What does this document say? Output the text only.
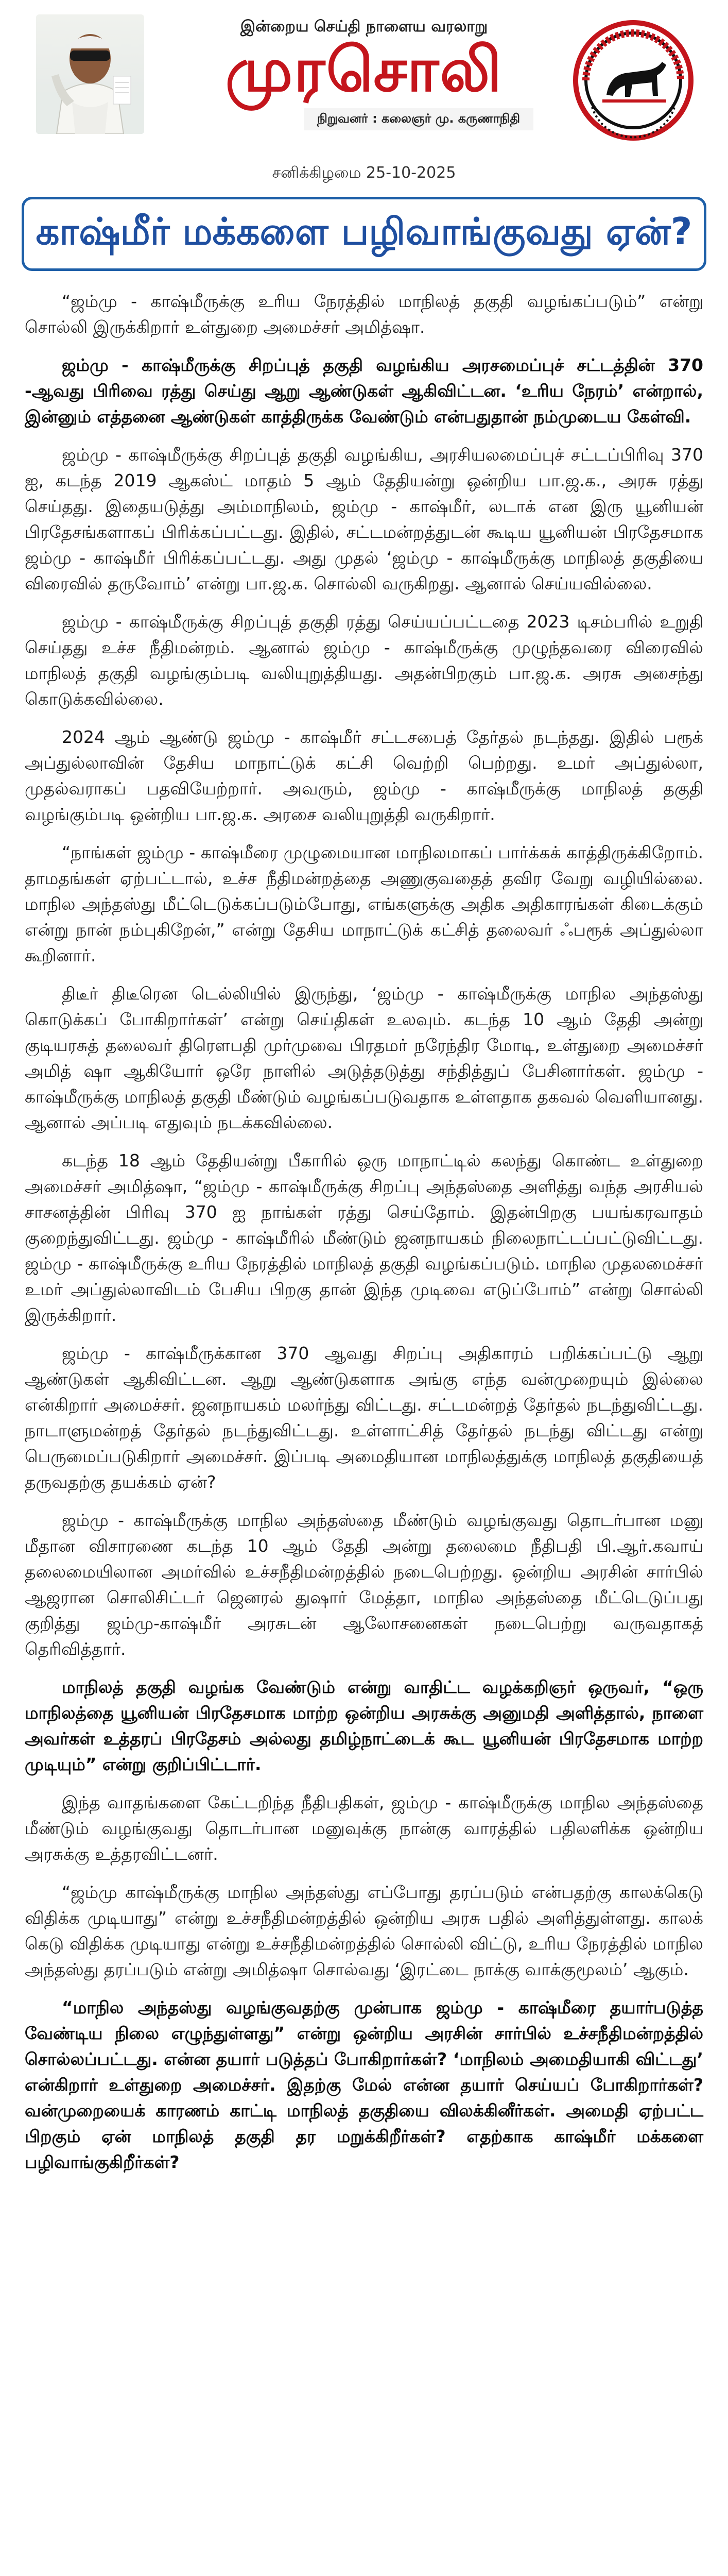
இன்றைய செய்தி நாளைய வரலாறு
முரசொலி
நிறுவனர் : கலைஞர் மு. கருணாநிதி
சனிக்கிழமை 25-10-2025
காஷ்மீர் மக்களை பழிவாங்குவது ஏன்?

“ஜம்மு - காஷ்மீருக்கு உரிய நேரத்தில் மாநிலத் தகுதி வழங்கப்படும்” என்று சொல்லி இருக்கிறார் உள்துறை அமைச்சர் அமித்ஷா.

ஜம்மு - காஷ்மீருக்கு சிறப்புத் தகுதி வழங்கிய அரசமைப்புச் சட்டத்தின் 370 -ஆவது பிரிவை ரத்து செய்து ஆறு ஆண்டுகள் ஆகிவிட்டன. ‘உரிய நேரம்’ என்றால், இன்னும் எத்தனை ஆண்டுகள் காத்திருக்க வேண்டும் என்பதுதான் நம்முடைய கேள்வி.

ஜம்மு - காஷ்மீருக்கு சிறப்புத் தகுதி வழங்கிய, அரசியலமைப்புச் சட்டப்பிரிவு 370 ஐ, கடந்த 2019 ஆகஸ்ட் மாதம் 5 ஆம் தேதியன்று ஒன்றிய பா.ஜ.க., அரசு ரத்து செய்தது. இதையடுத்து அம்மாநிலம், ஜம்மு - காஷ்மீர், லடாக் என இரு யூனியன் பிரதேசங்களாகப் பிரிக்கப்பட்டது. இதில், சட்டமன்றத்துடன் கூடிய யூனியன் பிரதேசமாக ஜம்மு - காஷ்மீர் பிரிக்கப்பட்டது. அது முதல் ‘ஜம்மு - காஷ்மீருக்கு மாநிலத் தகுதியை விரைவில் தருவோம்’ என்று பா.ஜ.க. சொல்லி வருகிறது. ஆனால் செய்யவில்லை.

ஜம்மு - காஷ்மீருக்கு சிறப்புத் தகுதி ரத்து செய்யப்பட்டதை 2023 டிசம்பரில் உறுதி செய்தது உச்ச நீதிமன்றம். ஆனால் ஜம்மு - காஷ்மீருக்கு முழுந்தவரை விரைவில் மாநிலத் தகுதி வழங்கும்படி வலியுறுத்தியது. அதன்பிறகும் பா.ஜ.க. அரசு அசைந்து கொடுக்கவில்லை.

2024 ஆம் ஆண்டு ஜம்மு - காஷ்மீர் சட்டசபைத் தேர்தல் நடந்தது. இதில் பரூக் அப்துல்லாவின் தேசிய மாநாட்டுக் கட்சி வெற்றி பெற்றது. உமர் அப்துல்லா, முதல்வராகப் பதவியேற்றார். அவரும், ஜம்மு - காஷ்மீருக்கு மாநிலத் தகுதி வழங்கும்படி ஒன்றிய பா.ஜ.க. அரசை வலியுறுத்தி வருகிறார்.

“நாங்கள் ஜம்மு - காஷ்மீரை முழுமையான மாநிலமாகப் பார்க்கக் காத்திருக்கிறோம். தாமதங்கள் ஏற்பட்டால், உச்ச நீதிமன்றத்தை அணுகுவதைத் தவிர வேறு வழியில்லை. மாநில அந்தஸ்து மீட்டெடுக்கப்படும்போது, எங்களுக்கு அதிக அதிகாரங்கள் கிடைக்கும் என்று நான் நம்புகிறேன்,” என்று தேசிய மாநாட்டுக் கட்சித் தலைவர் ஃபரூக் அப்துல்லா கூறினார்.

திடீர் திடீரென டெல்லியில் இருந்து, ‘ஜம்மு - காஷ்மீருக்கு மாநில அந்தஸ்து கொடுக்கப் போகிறார்கள்’ என்று செய்திகள் உலவும். கடந்த 10 ஆம் தேதி அன்று குடியரசுத் தலைவர் திரௌபதி முர்முவை பிரதமர் நரேந்திர மோடி, உள்துறை அமைச்சர் அமித் ஷா ஆகியோர் ஒரே நாளில் அடுத்தடுத்து சந்தித்துப் பேசினார்கள். ஜம்மு - காஷ்மீருக்கு மாநிலத் தகுதி மீண்டும் வழங்கப்படுவதாக உள்ளதாக தகவல் வெளியானது. ஆனால் அப்படி எதுவும் நடக்கவில்லை.

கடந்த 18 ஆம் தேதியன்று பீகாரில் ஒரு மாநாட்டில் கலந்து கொண்ட உள்துறை அமைச்சர் அமித்ஷா, “ஜம்மு - காஷ்மீருக்கு சிறப்பு அந்தஸ்தை அளித்து வந்த அரசியல் சாசனத்தின் பிரிவு 370 ஐ நாங்கள் ரத்து செய்தோம். இதன்பிறகு பயங்கரவாதம் குறைந்துவிட்டது. ஜம்மு - காஷ்மீரில் மீண்டும் ஜனநாயகம் நிலைநாட்டப்பட்டுவிட்டது. ஜம்மு - காஷ்மீருக்கு உரிய நேரத்தில் மாநிலத் தகுதி வழங்கப்படும். மாநில முதலமைச்சர் உமர் அப்துல்லாவிடம் பேசிய பிறகு தான் இந்த முடிவை எடுப்போம்” என்று சொல்லி இருக்கிறார்.

ஜம்மு - காஷ்மீருக்கான 370 ஆவது சிறப்பு அதிகாரம் பறிக்கப்பட்டு ஆறு ஆண்டுகள் ஆகிவிட்டன. ஆறு ஆண்டுகளாக அங்கு எந்த வன்முறையும் இல்லை என்கிறார் அமைச்சர். ஜனநாயகம் மலர்ந்து விட்டது. சட்டமன்றத் தேர்தல் நடந்துவிட்டது. நாடாளுமன்றத் தேர்தல் நடந்துவிட்டது. உள்ளாட்சித் தேர்தல் நடந்து விட்டது என்று பெருமைப்படுகிறார் அமைச்சர். இப்படி அமைதியான மாநிலத்துக்கு மாநிலத் தகுதியைத் தருவதற்கு தயக்கம் ஏன்?

ஜம்மு - காஷ்மீருக்கு மாநில அந்தஸ்தை மீண்டும் வழங்குவது தொடர்பான மனு மீதான விசாரணை கடந்த 10 ஆம் தேதி அன்று தலைமை நீதிபதி பி.ஆர்.கவாய் தலைமையிலான அமர்வில் உச்சநீதிமன்றத்தில் நடைபெற்றது. ஒன்றிய அரசின் சார்பில் ஆஜரான சொலிசிட்டர் ஜெனரல் துஷார் மேத்தா, மாநில அந்தஸ்தை மீட்டெடுப்பது குறித்து ஜம்மு-காஷ்மீர் அரசுடன் ஆலோசனைகள் நடைபெற்று வருவதாகத் தெரிவித்தார்.

மாநிலத் தகுதி வழங்க வேண்டும் என்று வாதிட்ட வழக்கறிஞர் ஒருவர், “ஒரு மாநிலத்தை யூனியன் பிரதேசமாக மாற்ற ஒன்றிய அரசுக்கு அனுமதி அளித்தால், நாளை அவர்கள் உத்தரப் பிரதேசம் அல்லது தமிழ்நாட்டைக் கூட யூனியன் பிரதேசமாக மாற்ற முடியும்” என்று குறிப்பிட்டார்.

இந்த வாதங்களை கேட்டறிந்த நீதிபதிகள், ஜம்மு - காஷ்மீருக்கு மாநில அந்தஸ்தை மீண்டும் வழங்குவது தொடர்பான மனுவுக்கு நான்கு வாரத்தில் பதிலளிக்க ஒன்றிய அரசுக்கு உத்தரவிட்டனர்.

“ஜம்மு காஷ்மீருக்கு மாநில அந்தஸ்து எப்போது தரப்படும் என்பதற்கு காலக்கெடு விதிக்க முடியாது” என்று உச்சநீதிமன்றத்தில் ஒன்றிய அரசு பதில் அளித்துள்ளது. காலக் கெடு விதிக்க முடியாது என்று உச்சநீதிமன்றத்தில் சொல்லி விட்டு, உரிய நேரத்தில் மாநில அந்தஸ்து தரப்படும் என்று அமித்ஷா சொல்வது ‘இரட்டை நாக்கு வாக்குமூலம்’ ஆகும்.

“மாநில அந்தஸ்து வழங்குவதற்கு முன்பாக ஜம்மு - காஷ்மீரை தயார்படுத்த வேண்டிய நிலை எழுந்துள்ளது” என்று ஒன்றிய அரசின் சார்பில் உச்சநீதிமன்றத்தில் சொல்லப்பட்டது. என்ன தயார் படுத்தப் போகிறார்கள்? ‘மாநிலம் அமைதியாகி விட்டது’ என்கிறார் உள்துறை அமைச்சர். இதற்கு மேல் என்ன தயார் செய்யப் போகிறார்கள்? வன்முறையைக் காரணம் காட்டி மாநிலத் தகுதியை விலக்கினீர்கள். அமைதி ஏற்பட்ட பிறகும் ஏன் மாநிலத் தகுதி தர மறுக்கிறீர்கள்? எதற்காக காஷ்மீர் மக்களை பழிவாங்குகிறீர்கள்?
